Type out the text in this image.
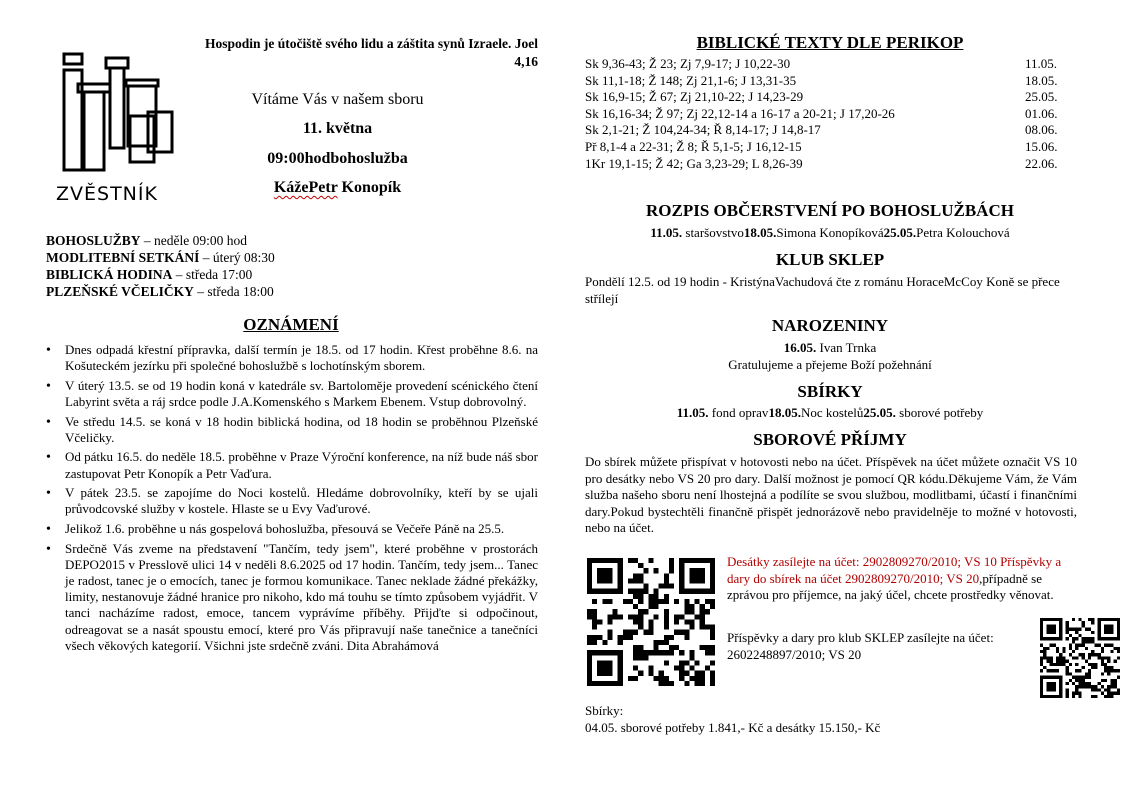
ZVĚSTNÍK
Hospodin je útočiště svého lidu a záštita synů Izraele. Joel 4,16
Vítáme Vás v našem sboru
11. května
09:00hodbohoslužba
KážePetr Konopík
BOHOSLUŽBY – neděle 09:00 hod
MODLITEBNÍ SETKÁNÍ – úterý 08:30
BIBLICKÁ HODINA – středa 17:00
PLZEŇSKÉ VČELIČKY – středa 18:00
OZNÁMENÍ
• Dnes odpadá křestní přípravka, další termín je 18.5. od 17 hodin. Křest proběhne 8.6. na Košuteckém jezírku při společné bohoslužbě s lochotínským sborem.
• V úterý 13.5. se od 19 hodin koná v katedrále sv. Bartoloměje provedení scénického čtení Labyrint světa a ráj srdce podle J.A.Komenského s Markem Ebenem. Vstup dobrovolný.
• Ve středu 14.5. se koná v 18 hodin biblická hodina, od 18 hodin se proběhnou Plzeňské Včeličky.
• Od pátku 16.5. do neděle 18.5. proběhne v Praze Výroční konference, na níž bude náš sbor zastupovat Petr Konopík a Petr Vaďura.
• V pátek 23.5. se zapojíme do Noci kostelů. Hledáme dobrovolníky, kteří by se ujali průvodcovské služby v kostele. Hlaste se u Evy Vaďurové.
• Jelikož 1.6. proběhne u nás gospelová bohoslužba, přesouvá se Večeře Páně na 25.5.
• Srdečně Vás zveme na představení "Tančím, tedy jsem", které proběhne v prostorách DEPO2015 v Presslově ulici 14 v neděli 8.6.2025 od 17 hodin. Tančím, tedy jsem... Tanec je radost, tanec je o emocích, tanec je formou komunikace. Tanec neklade žádné překážky, limity, nestanovuje žádné hranice pro nikoho, kdo má touhu se tímto způsobem vyjádřit. V tanci nacházíme radost, emoce, tancem vyprávíme příběhy. Přijďte si odpočinout, odreagovat se a nasát spoustu emocí, které pro Vás připravují naše tanečnice a tanečníci všech věkových kategorií. Všichni jste srdečně zváni. Dita Abrahámová
BIBLICKÉ TEXTY DLE PERIKOP
Sk 9,36-43; Ž 23; Zj 7,9-17; J 10,22-30	11.05.
Sk 11,1-18; Ž 148; Zj 21,1-6; J 13,31-35	18.05.
Sk 16,9-15; Ž 67; Zj 21,10-22; J 14,23-29	25.05.
Sk 16,16-34; Ž 97; Zj 22,12-14 a 16-17 a 20-21; J 17,20-26	01.06.
Sk 2,1-21; Ž 104,24-34; Ř 8,14-17; J 14,8-17	08.06.
Př 8,1-4 a 22-31; Ž 8; Ř 5,1-5; J 16,12-15	15.06.
1Kr 19,1-15; Ž 42; Ga 3,23-29; L 8,26-39	22.06.
ROZPIS OBČERSTVENÍ PO BOHOSLUŽBÁCH
11.05. staršovstvo18.05.Simona Konopíková25.05.Petra Kolouchová
KLUB SKLEP
Pondělí 12.5. od 19 hodin - KristýnaVachudová čte z románu HoraceMcCoy Koně se přece střílejí
NAROZENINY
16.05. Ivan Trnka
Gratulujeme a přejeme Boží požehnání
SBÍRKY
11.05. fond oprav18.05.Noc kostelů25.05. sborové potřeby
SBOROVÉ PŘÍJMY
Do sbírek můžete přispívat v hotovosti nebo na účet. Příspěvek na účet můžete označit VS 10 pro desátky nebo VS 20 pro dary. Další možnost je pomocí QR kódu.Děkujeme Vám, že Vám služba našeho sboru není lhostejná a podílíte se svou službou, modlitbami, účastí i finančními dary.Pokud bystechtěli finančně přispět jednorázově nebo pravidelněje to možné v hotovosti, nebo na účet.
Desátky zasílejte na účet: 2902809270/2010; VS 10 Příspěvky a dary do sbírek na účet 2902809270/2010; VS 20,případně se zprávou pro příjemce, na jaký účel, chcete prostředky věnovat.
Příspěvky a dary pro klub SKLEP zasílejte na účet: 2602248897/2010; VS 20
Sbírky:
04.05. sborové potřeby 1.841,- Kč a desátky 15.150,- Kč
